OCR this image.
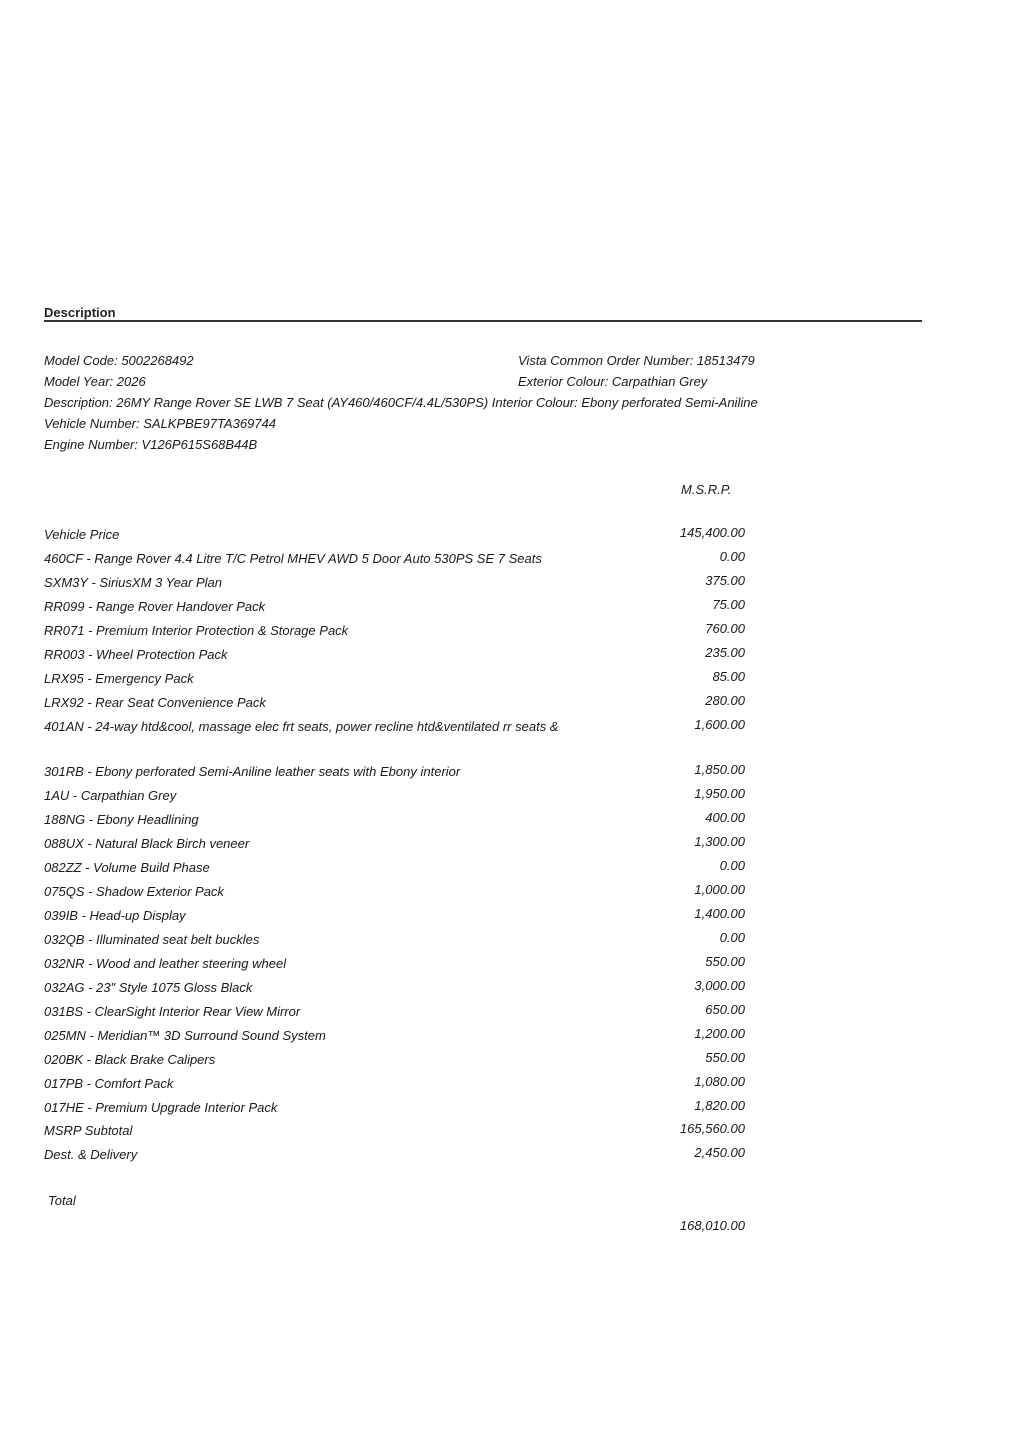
Description
Model Code: 5002268492
Model Year: 2026
Description: 26MY Range Rover SE LWB 7 Seat (AY460/460CF/4.4L/530PS) Interior Colour: Ebony perforated Semi-Aniline
Vehicle Number: SALKPBE97TA369744
Engine Number: V126P615S68B44B
Vista Common Order Number: 18513479
Exterior Colour: Carpathian Grey
M.S.R.P.
Vehicle Price	145,400.00
460CF - Range Rover 4.4 Litre T/C Petrol MHEV AWD 5 Door Auto 530PS SE 7 Seats	0.00
SXM3Y - SiriusXM 3 Year Plan	375.00
RR099 - Range Rover Handover Pack	75.00
RR071 - Premium Interior Protection & Storage Pack	760.00
RR003 - Wheel Protection Pack	235.00
LRX95 - Emergency Pack	85.00
LRX92 - Rear Seat Convenience Pack	280.00
401AN - 24-way htd&cool, massage elec frt seats, power recline htd&ventilated rr seats &	1,600.00
301RB - Ebony perforated Semi-Aniline leather seats with Ebony interior	1,850.00
1AU - Carpathian Grey	1,950.00
188NG - Ebony Headlining	400.00
088UX - Natural Black Birch veneer	1,300.00
082ZZ - Volume Build Phase	0.00
075QS - Shadow Exterior Pack	1,000.00
039IB - Head-up Display	1,400.00
032QB - Illuminated seat belt buckles	0.00
032NR - Wood and leather steering wheel	550.00
032AG - 23" Style 1075 Gloss Black	3,000.00
031BS - ClearSight Interior Rear View Mirror	650.00
025MN - Meridian™ 3D Surround Sound System	1,200.00
020BK - Black Brake Calipers	550.00
017PB - Comfort Pack	1,080.00
017HE - Premium Upgrade Interior Pack	1,820.00
MSRP Subtotal	165,560.00
Dest. & Delivery	2,450.00
Total
168,010.00
